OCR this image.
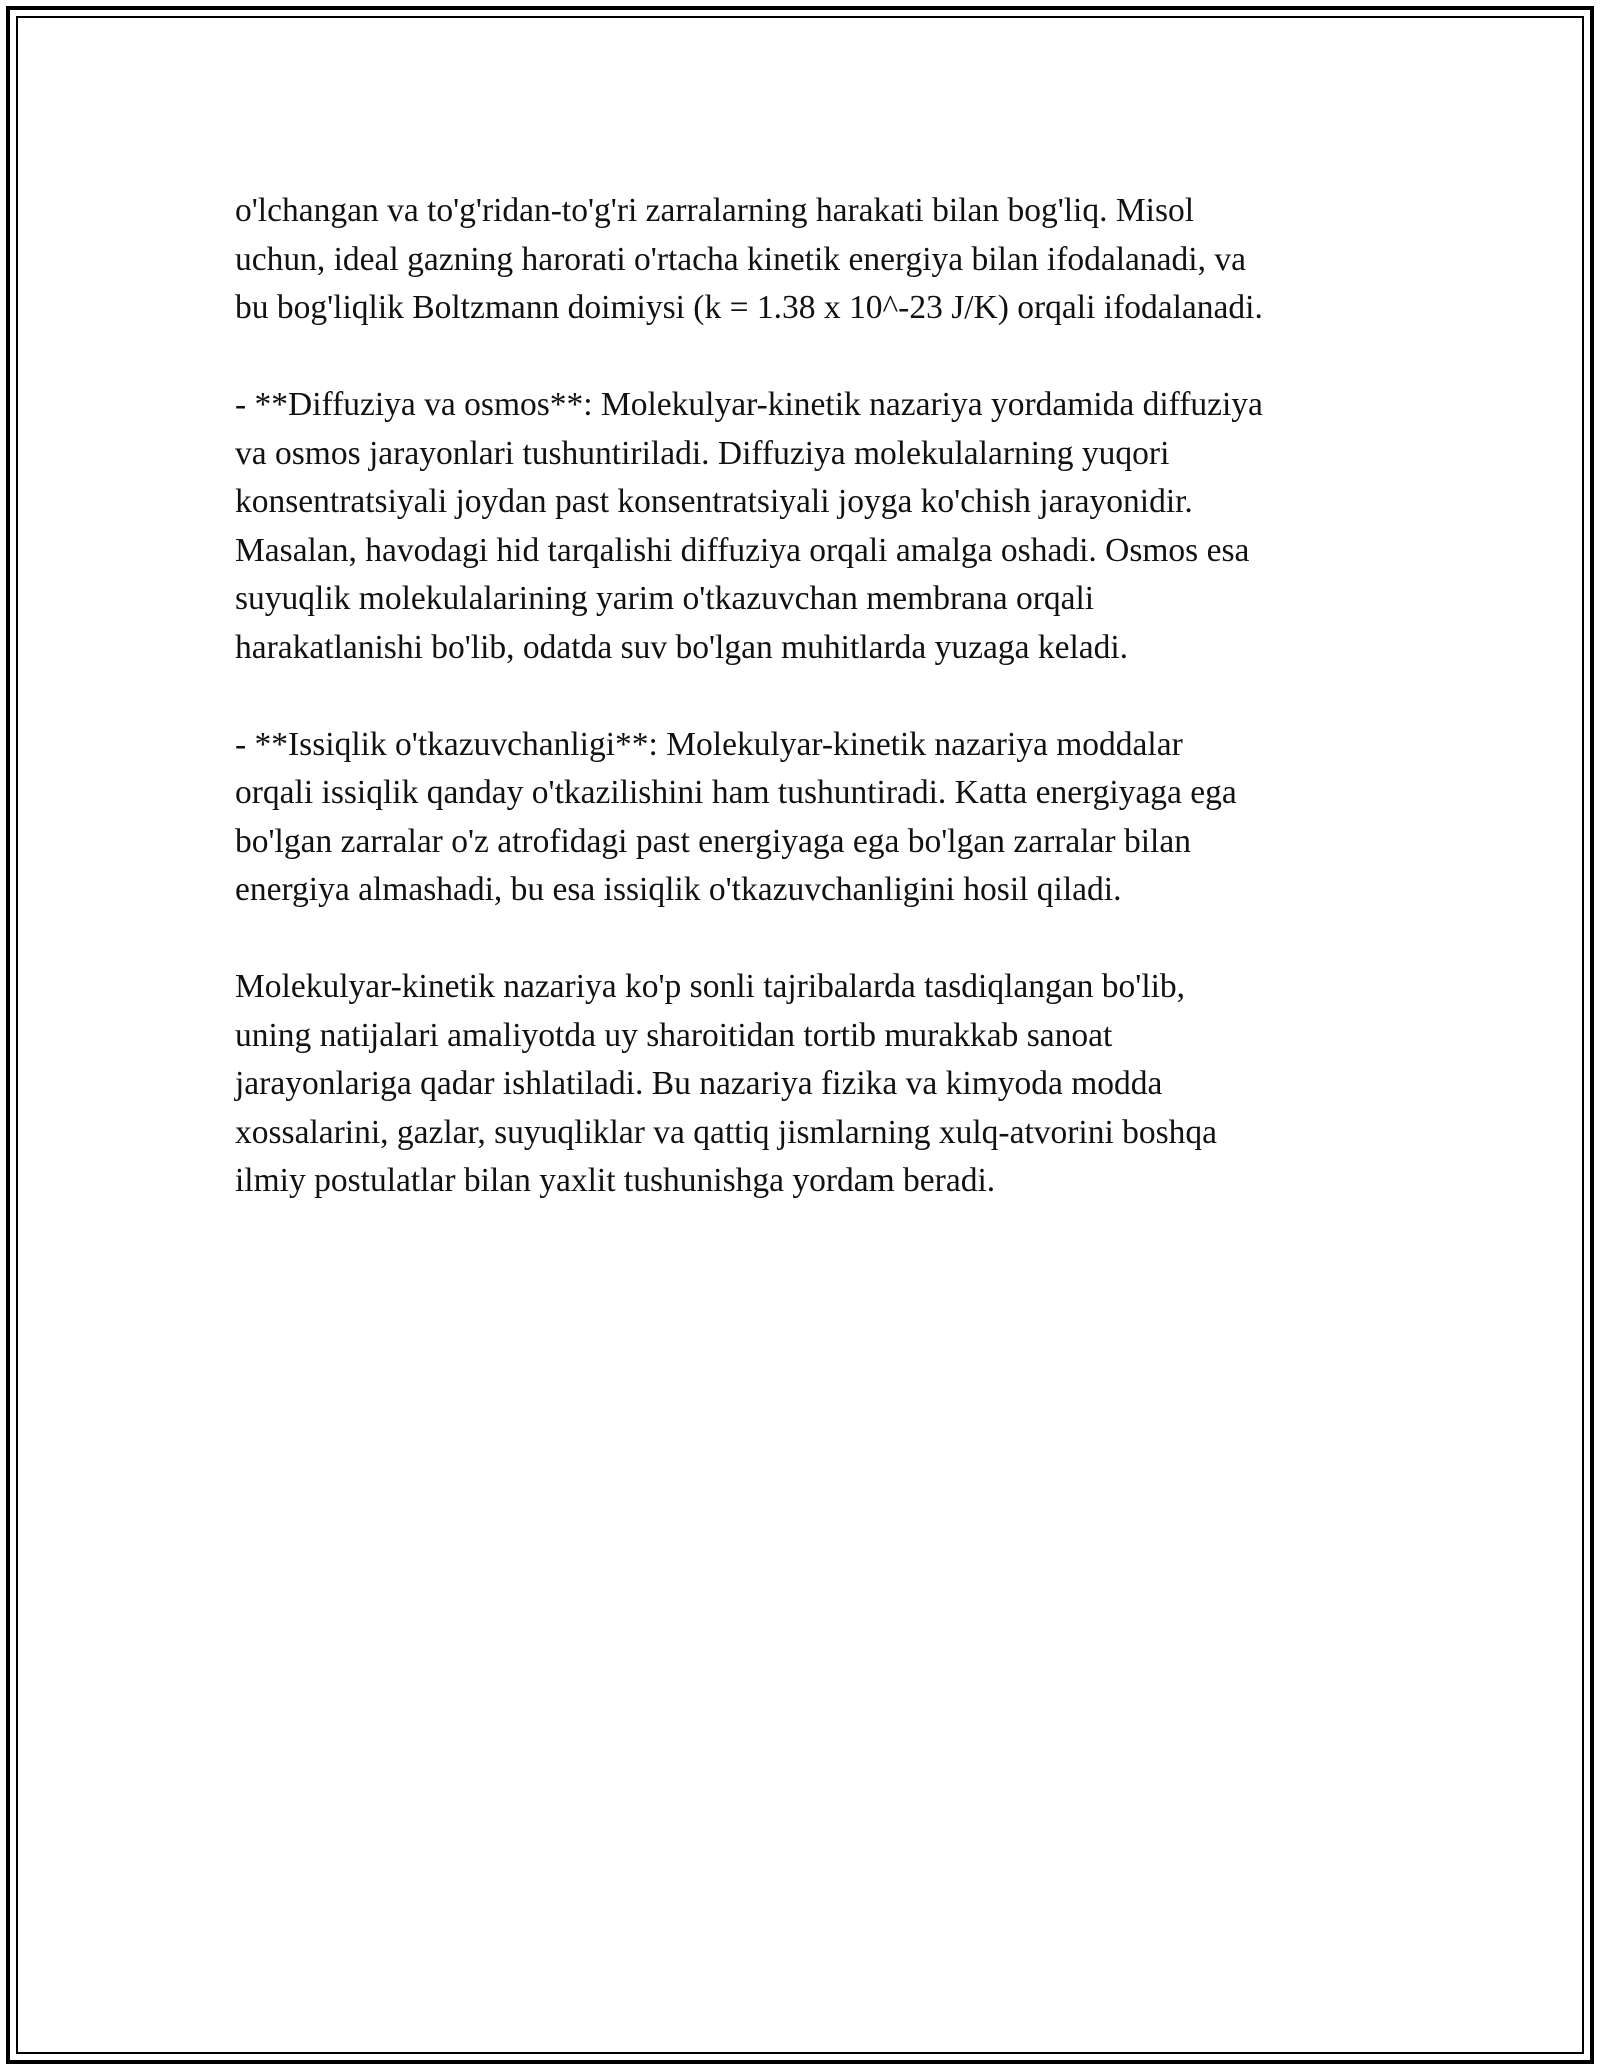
o'lchangan va to'g'ridan-to'g'ri zarralarning harakati bilan bog'liq. Misol
uchun, ideal gazning harorati o'rtacha kinetik energiya bilan ifodalanadi, va
bu bog'liqlik Boltzmann doimiysi (k = 1.38 x 10^-23 J/K) orqali ifodalanadi.

- **Diffuziya va osmos**: Molekulyar-kinetik nazariya yordamida diffuziya
va osmos jarayonlari tushuntiriladi. Diffuziya molekulalarning yuqori
konsentratsiyali joydan past konsentratsiyali joyga ko'chish jarayonidir.
Masalan, havodagi hid tarqalishi diffuziya orqali amalga oshadi. Osmos esa
suyuqlik molekulalarining yarim o'tkazuvchan membrana orqali
harakatlanishi bo'lib, odatda suv bo'lgan muhitlarda yuzaga keladi.

- **Issiqlik o'tkazuvchanligi**: Molekulyar-kinetik nazariya moddalar
orqali issiqlik qanday o'tkazilishini ham tushuntiradi. Katta energiyaga ega
bo'lgan zarralar o'z atrofidagi past energiyaga ega bo'lgan zarralar bilan
energiya almashadi, bu esa issiqlik o'tkazuvchanligini hosil qiladi.

Molekulyar-kinetik nazariya ko'p sonli tajribalarda tasdiqlangan bo'lib,
uning natijalari amaliyotda uy sharoitidan tortib murakkab sanoat
jarayonlariga qadar ishlatiladi. Bu nazariya fizika va kimyoda modda
xossalarini, gazlar, suyuqliklar va qattiq jismlarning xulq-atvorini boshqa
ilmiy postulatlar bilan yaxlit tushunishga yordam beradi.
